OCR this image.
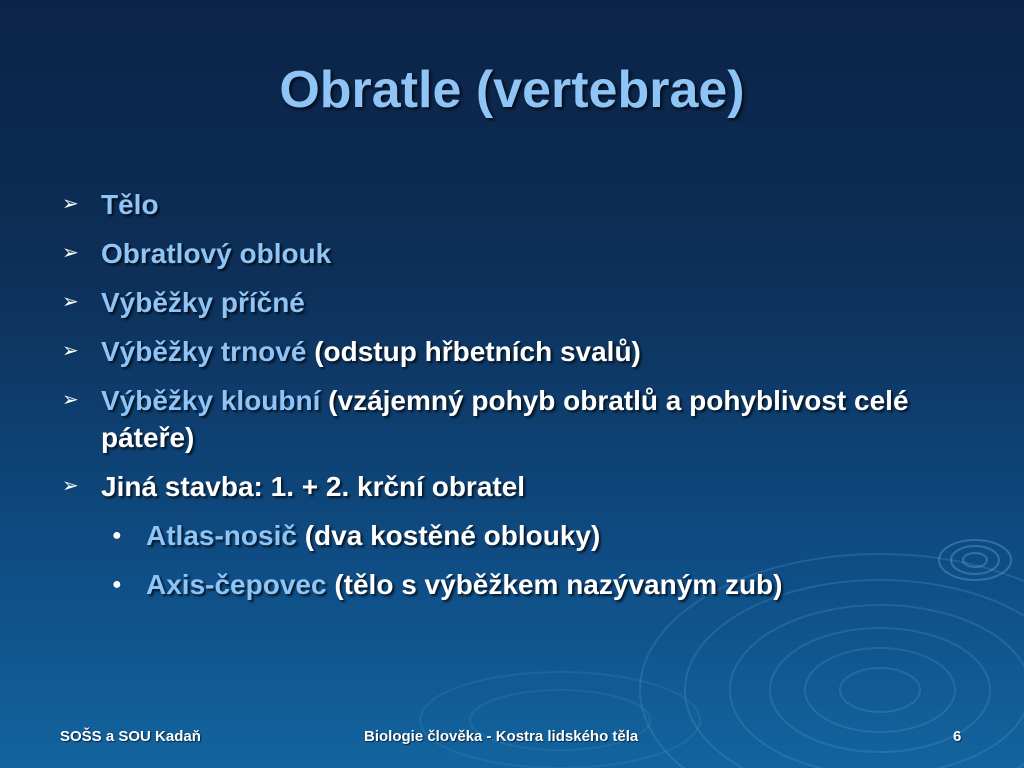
Obratle (vertebrae)
➢ Tělo
➢ Obratlový oblouk
➢ Výběžky příčné
➢ Výběžky trnové (odstup hřbetních svalů)
➢ Výběžky kloubní (vzájemný pohyb obratlů a pohyblivost celé páteře)
➢ Jiná stavba: 1. + 2. krční obratel
● Atlas-nosič (dva kostěné oblouky)
● Axis-čepovec (tělo s výběžkem nazývaným zub)
SOŠS a SOU Kadaň	Biologie člověka - Kostra lidského těla	6
